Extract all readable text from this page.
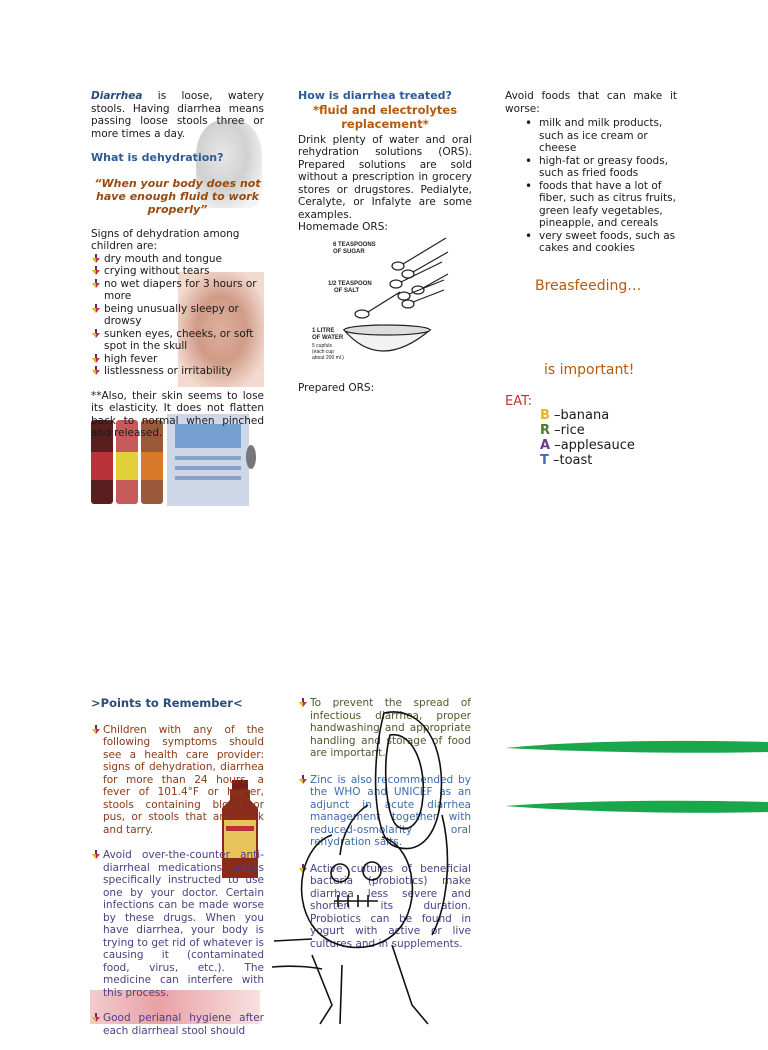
Diarrhea is loose, watery stools. Having diarrhea means passing loose stools three or more times a day.

What is dehydration?

“When your body does not have enough fluid to work properly”

Signs of dehydration among children are:

dry mouth and tongue
crying without tears
no wet diapers for 3 hours or more
being unusually sleepy or drowsy
sunken eyes, cheeks, or soft spot in the skull
high fever
listlessness or irritability

**Also, their skin seems to lose its elasticity. It does not flatten back to normal when pinched and released.

How is diarrhea treated?

*fluid and electrolytes replacement*

Drink plenty of water and oral rehydration solutions (ORS). Prepared solutions are sold without a prescription in grocery stores or drugstores. Pedialyte, Ceralyte, or Infalyte are some examples.

Homemade ORS:

Prepared ORS:

6 TEASPOONS OF SUGAR
1/2 TEASPOON OF SALT
1 LITRE OF WATER
5 cupfuls (each cup about 200 ml.)

Avoid foods that can make it worse:

• milk and milk products, such as ice cream or cheese
• high-fat or greasy foods, such as fried foods
• foods that have a lot of fiber, such as citrus fruits, green leafy vegetables, pineapple, and cereals
• very sweet foods, such as cakes and cookies

Breasfeeding…

is important!

EAT:

B –banana

R –rice

A –applesauce

T –toast

>Points to Remember<

Children with any of the following symptoms should see a health care provider: signs of dehydration, diarrhea for more than 24 hours, a fever of 101.4°F or higher, stools containing blood or pus, or stools that are black and tarry.
Avoid over-the-counter anti-diarrheal medications unless specifically instructed to use one by your doctor. Certain infections can be made worse by these drugs. When you have diarrhea, your body is trying to get rid of whatever is causing it (contaminated food, virus, etc.). The medicine can interfere with this process.
Good perianal hygiene after each diarrheal stool should
To prevent the spread of infectious diarrhea, proper handwashing and appropriate handling and storage of food are important.
Zinc is also recommended by the WHO and UNICEF as an adjunct in acute diarrhea management together with reduced-osmolarity oral rehydration salts.
Active cultures of beneficial bacteria (probiotics) make diarrhea less severe and shorten its duration. Probiotics can be found in yogurt with active or live cultures and in supplements.
